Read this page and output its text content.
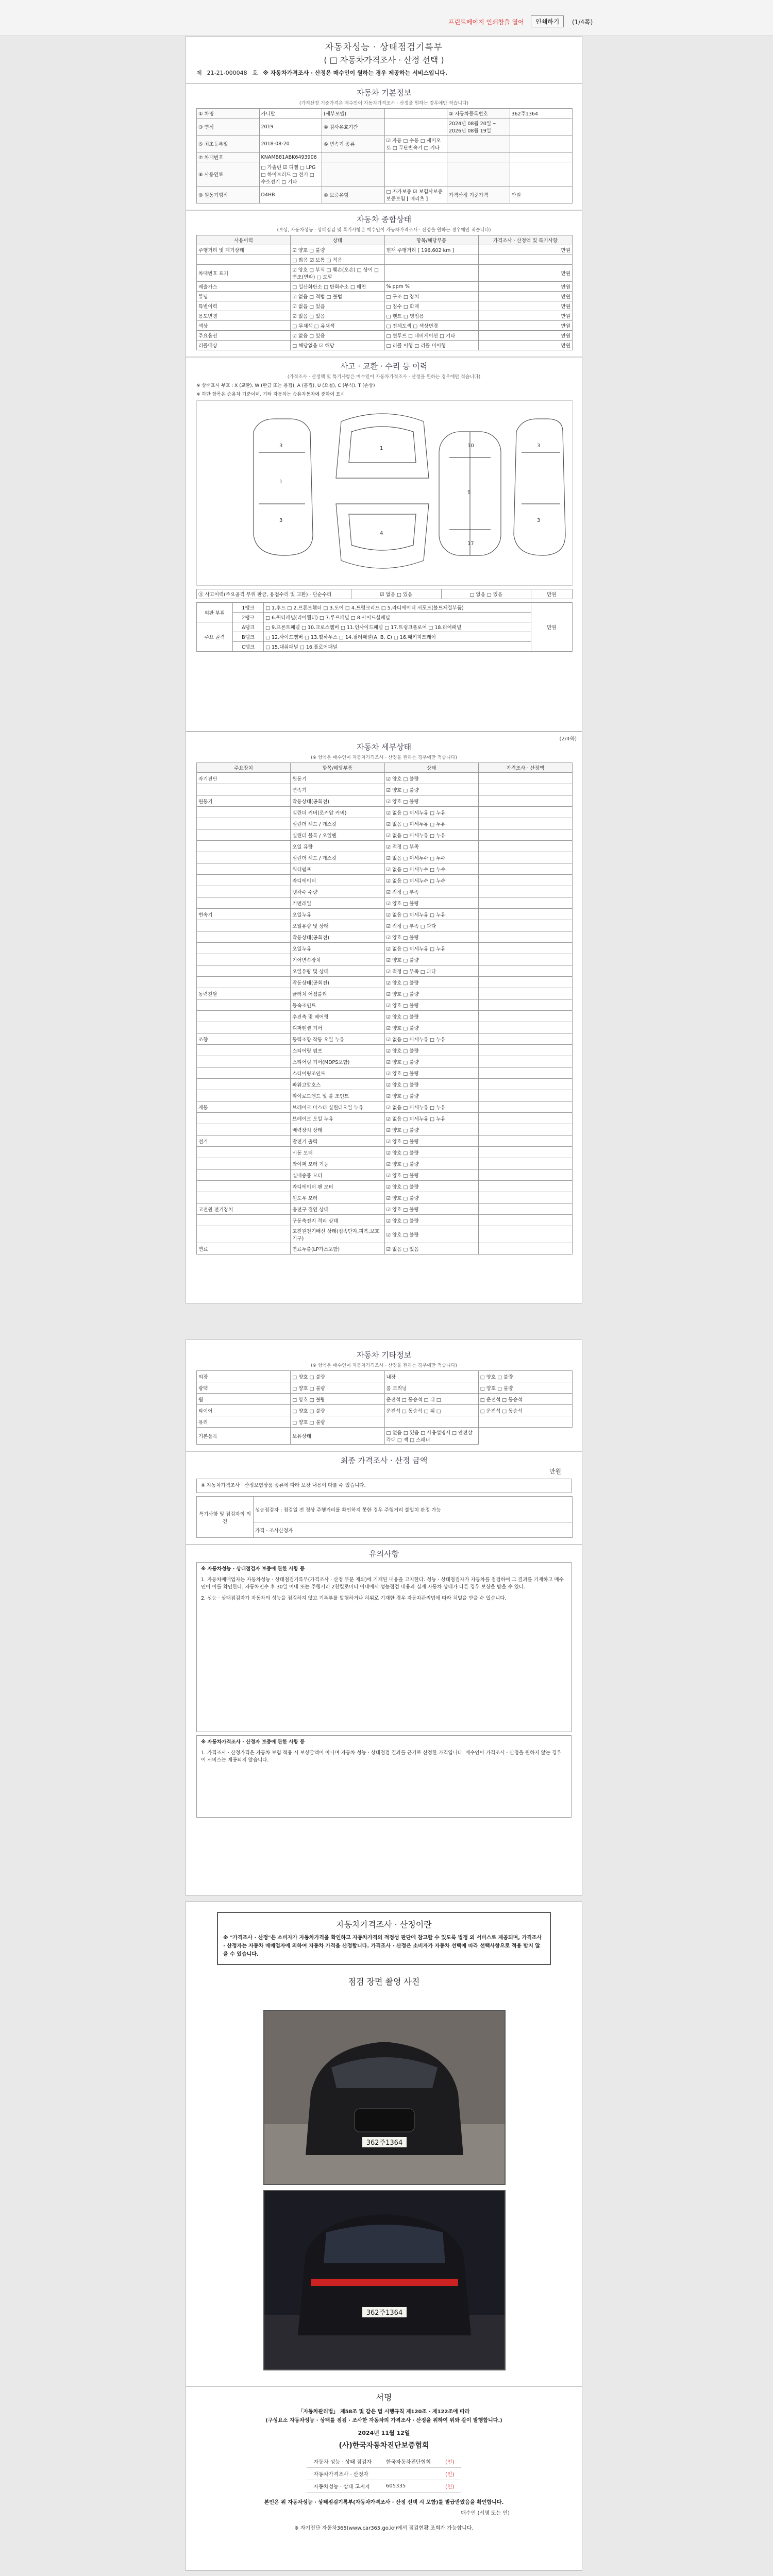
프린트페이지 인쇄창을 열어	인쇄하기	(1/4쪽)
자동차성능 · 상태점검기록부
( □ 자동차가격조사 · 산정 선택 )
제 21-21-000048 호 ※ 자동차가격조사 · 산정은 매수인이 원하는 경우 제공하는 서비스입니다.
자동차 기본정보
(가격산정 기준가격은 매수인이 자동차가격조사 · 산정을 원하는 경우에만 적습니다)
① 차명	카니발	(세부모델)		② 자동차등록번호	362주1364
③ 연식	2019	④ 검사유효기간		2024년 08월 20일 ~ 2026년 08월 19일	
⑤ 최초등록일	2018-08-20	⑥ 변속기 종류	☑ 자동 □ 수동 □ 세미오토 □ 무단변속기 □ 기타		
⑦ 차대번호	KNAMB81ABK6493906				
⑧ 사용연료	□ 가솔린 ☑ 디젤 □ LPG □ 하이브리드 □ 전기 □ 수소전기 □ 기타				
⑨ 원동기형식	D4HB	⑩ 보증유형	□ 자가보증 ☑ 보험사보증 보증보험 [ 메리츠 ]	가격산정 기준가격	만원
자동차 종합상태
(보상, 자동차성능 · 상태점검 및 특기사항은 매수인이 자동차가격조사 · 산정을 원하는 경우에만 적습니다)
사용이력	상태	항목/해당부품	가격조사 · 산정액 및 특기사항
주행거리 및 계기상태	☑ 양호 □ 불량	현재 주행거리 [ 196,602 km ]	만원
	□ 많음 ☑ 보통 □ 적음		
차대번호 표기	☑ 양호 □ 부식 □ 훼손(오손) □ 상이 □ 변조(변타) □ 도말		만원
배출가스	□ 일산화탄소 □ 탄화수소 □ 매연	% ppm %	만원
튜닝	☑ 없음 □ 적법 □ 불법	□ 구조 □ 장치	만원
특별이력	☑ 없음 □ 있음	□ 침수 □ 화재	만원
용도변경	☑ 없음 □ 있음	□ 렌트 □ 영업용	만원
색상	□ 무채색 □ 유채색	□ 전체도색 □ 색상변경	만원
주요옵션	☑ 없음 □ 있음	□ 썬루프 □ 네비게이션 □ 기타	만원
리콜대상	□ 해당없음 ☑ 해당	□ 리콜 이행 □ 리콜 미이행	만원
사고 · 교환 · 수리 등 이력
(가격조사 · 산정액 및 특기사항은 매수인이 자동차가격조사 · 산정을 원하는 경우에만 적습니다)
※ 상태표시 부호 : X (교환), W (판금 또는 용접), A (흠집), U (요철), C (부식), T (손상)
※ 하단 항목은 승용차 기준이며, 기타 자동차는 승용자동차에 준하여 표시
3
1
3
1
4
10
9
17
3
3
⑪ 사고이력(주요골격 부위 판금, 용접수리 및 교환) · 단순수리	☑ 없음 □ 있음	□ 없음 □ 있음	만원
외판 부위	1랭크	□ 1.후드 □ 2.프론트휀더 □ 3.도어 □ 4.트렁크리드 □ 5.라디에이터 서포트(볼트체결부품)	만원
	2랭크	□ 6.쿼터패널(리어휀더) □ 7.루프패널 □ 8.사이드실패널	
주요 골격	A랭크	□ 9.프론트패널 □ 10.크로스멤버 □ 11.인사이드패널 □ 17.트렁크플로어 □ 18.리어패널	
	B랭크	□ 12.사이드멤버 □ 13.휠하우스 □ 14.필러패널(A, B, C) □ 16.패키지트레이	
	C랭크	□ 15.대쉬패널 □ 16.플로어패널	
(2/4쪽)
자동차 세부상태
(※ 항목은 매수인이 자동차가격조사 · 산정을 원하는 경우에만 적습니다)
주요장치	항목/해당부품	상태	가격조사 · 산정액
자기진단	원동기	☑ 양호 □ 불량	
	변속기	☑ 양호 □ 불량	
원동기	작동상태(공회전)	☑ 양호 □ 불량	
	실린더 커버(로커암 커버)	☑ 없음 □ 미세누유 □ 누유	
	실린더 헤드 / 개스킷	☑ 없음 □ 미세누유 □ 누유	
	실린더 블록 / 오일팬	☑ 없음 □ 미세누유 □ 누유	
	오일 유량	☑ 적정 □ 부족	
	실린더 헤드 / 개스킷	☑ 없음 □ 미세누수 □ 누수	
	워터펌프	☑ 없음 □ 미세누수 □ 누수	
	라디에이터	☑ 없음 □ 미세누수 □ 누수	
	냉각수 수량	☑ 적정 □ 부족	
	커먼레일	☑ 양호 □ 불량	
변속기	오일누유	☑ 없음 □ 미세누유 □ 누유	
	오일유량 및 상태	☑ 적정 □ 부족 □ 과다	
	작동상태(공회전)	☑ 양호 □ 불량	
	오일누유	☑ 없음 □ 미세누유 □ 누유	
	기어변속장치	☑ 양호 □ 불량	
	오일유량 및 상태	☑ 적정 □ 부족 □ 과다	
	작동상태(공회전)	☑ 양호 □ 불량	
동력전달	클러치 어셈블리	☑ 양호 □ 불량	
	등속조인트	☑ 양호 □ 불량	
	추진축 및 베어링	☑ 양호 □ 불량	
	디퍼렌셜 기어	☑ 양호 □ 불량	
조향	동력조향 작동 오일 누유	☑ 없음 □ 미세누유 □ 누유	
	스티어링 펌프	☑ 양호 □ 불량	
	스티어링 기어(MDPS포함)	☑ 양호 □ 불량	
	스티어링조인트	☑ 양호 □ 불량	
	파워고압호스	☑ 양호 □ 불량	
	타이로드엔드 및 볼 조인트	☑ 양호 □ 불량	
제동	브레이크 마스터 실린더오일 누유	☑ 없음 □ 미세누유 □ 누유	
	브레이크 오일 누유	☑ 없음 □ 미세누유 □ 누유	
	배력장치 상태	☑ 양호 □ 불량	
전기	발전기 출력	☑ 양호 □ 불량	
	시동 모터	☑ 양호 □ 불량	
	와이퍼 모터 기능	☑ 양호 □ 불량	
	실내송풍 모터	☑ 양호 □ 불량	
	라디에이터 팬 모터	☑ 양호 □ 불량	
	윈도우 모터	☑ 양호 □ 불량	
고전원 전기장치	충전구 절연 상태	☑ 양호 □ 불량	
	구동축전지 격리 상태	☑ 양호 □ 불량	
	고전원전기배선 상태(접속단자,피복,보호기구)	☑ 양호 □ 불량	
연료	연료누출(LP가스포함)	☑ 없음 □ 있음	
자동차 기타정보
(※ 항목은 매수인이 자동차가격조사 · 산정을 원하는 경우에만 적습니다)
외장	□ 양호 □ 불량	내장	□ 양호 □ 불량
광택	□ 양호 □ 불량	룸 크리닝	□ 양호 □ 불량
휠	□ 양호 □ 불량	운전석 □ 동승석 □ 뒤 □	□ 운전석 □ 동승석
타이어	□ 양호 □ 불량	운전석 □ 동승석 □ 뒤 □	□ 운전석 □ 동승석
유리	□ 양호 □ 불량		
기본품목	보유상태	□ 없음 □ 있음 □ 사용설명서 □ 안전삼각대 □ 잭 □ 스패너	
최종 가격조사 · 산정 금액
만원
※ 자동차가격조사 · 산정보험상품 종류에 따라 보장 내용이 다를 수 있습니다.
특기사항 및 점검자의 의견	성능점검자 : 점검일 전 정상 주행거리를 확인하지 못한 경우 주행거리 불일치 판정 가능
가격 · 조사산정자
유의사항
※ 자동차성능 · 상태점검자 보증에 관한 사항 등
1. 자동차매매업자는 자동차성능 · 상태점검기록부(가격조사 · 산정 부분 제외)에 기재된 내용을 고지한다. 성능 · 상태점검자가 자동차를 점검하여 그 결과를 기재하고 매수인이 이를 확인한다. 자동차인수 후 30일 이내 또는 주행거리 2천킬로미터 이내에서 성능점검 내용과 실제 자동차 상태가 다른 경우 보상을 받을 수 있다.
2. 성능 · 상태점검자가 자동차의 성능을 점검하지 않고 기록부를 발행하거나 허위로 기재한 경우 자동차관리법에 따라 처벌을 받을 수 있습니다.
※ 자동차가격조사 · 산정자 보증에 관한 사항 등
1. 가격조사 · 산정가격은 자동차 보험 적용 시 보상금액이 아니며 자동차 성능 · 상태점검 결과를 근거로 산정한 가격입니다. 매수인이 가격조사 · 산정을 원하지 않는 경우 이 서비스는 제공되지 않습니다.
자동차가격조사 · 산정이란
※ "가격조사 · 산정"은 소비자가 자동차가격을 확인하고 자동차가격의 적정성 판단에 참고할 수 있도록 법정 외 서비스로 제공되며, 가격조사 · 산정자는 자동차 매매업자에 의하여 자동차 가격을 산정합니다. 가격조사 · 산정은 소비자가 자동차 선택에 따라 선택사항으로 적용 받지 않을 수 있습니다.
점검 장면 촬영 사진
362주1364
362주1364
서명
「자동차관리법」 제58조 및 같은 법 시행규칙 제120조 · 제122조에 따라
(구성요소 자동차성능 · 상태를 점검 · 조사한 자동차의 가격조사 · 산정을 위하여 위와 같이 발행합니다.)
2024년 11월 12일
(사)한국자동차진단보증협회
자동차 성능 · 상태 점검자	한국자동차진단협회	(인)
자동차가격조사 · 산정자		(인)
자동차성능 · 상태 고지자	605335	(인)
본인은 위 자동차성능 · 상태점검기록부(자동차가격조사 · 산정 선택 시 포함)를 발급받았음을 확인합니다.
매수인 (서명 또는 인)
※ 자기진단 자동차365(www.car365.go.kr)에서 점검현황 조회가 가능합니다.
